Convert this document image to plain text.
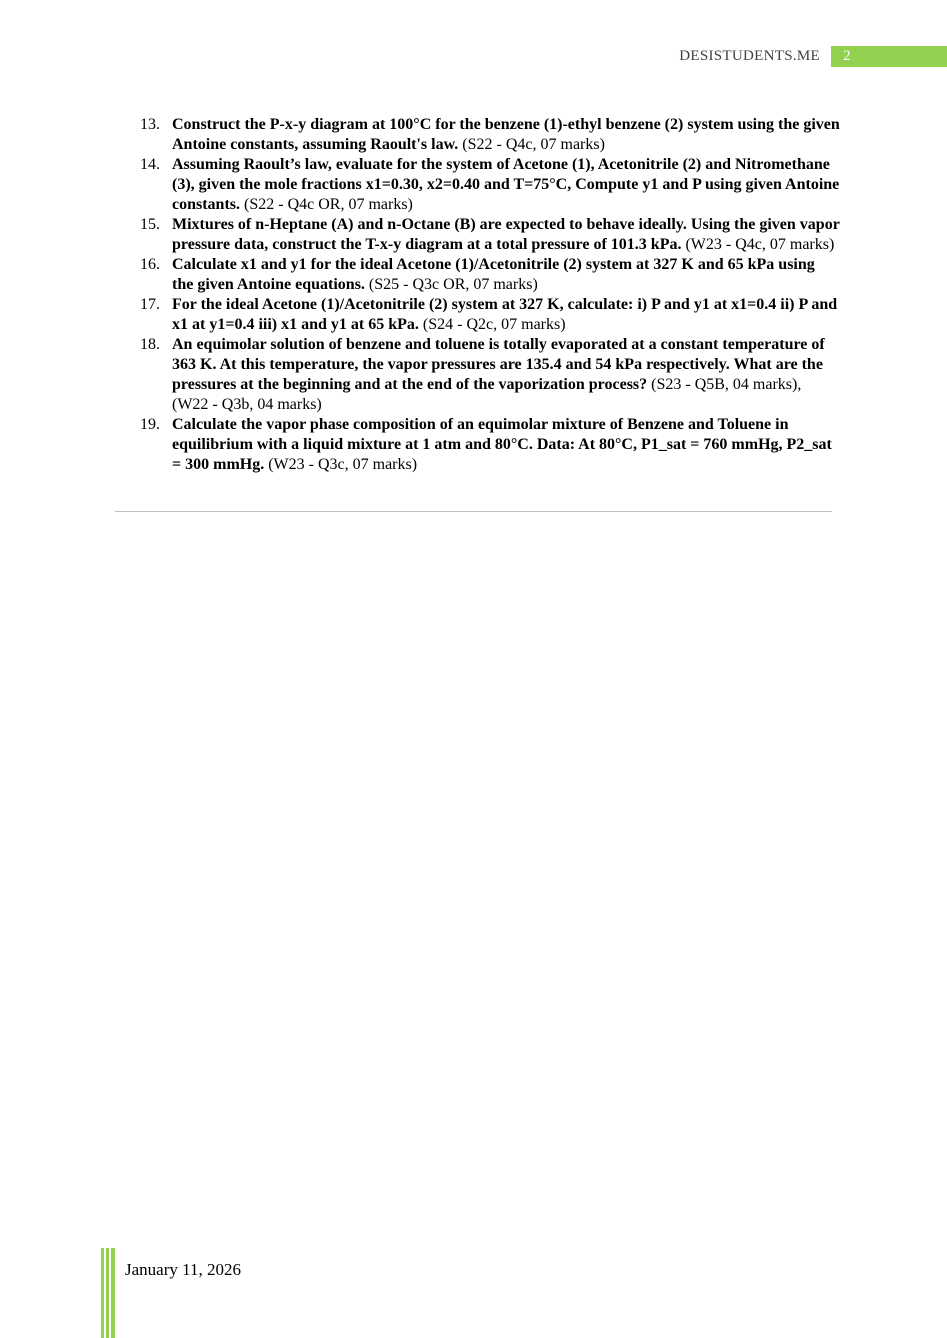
DESISTUDENTS.ME	2
13. Construct the P-x-y diagram at 100°C for the benzene (1)-ethyl benzene (2) system using the given Antoine constants, assuming Raoult's law. (S22 - Q4c, 07 marks)
14. Assuming Raoult’s law, evaluate for the system of Acetone (1), Acetonitrile (2) and Nitromethane (3), given the mole fractions x1=0.30, x2=0.40 and T=75°C, Compute y1 and P using given Antoine constants. (S22 - Q4c OR, 07 marks)
15. Mixtures of n-Heptane (A) and n-Octane (B) are expected to behave ideally. Using the given vapor pressure data, construct the T-x-y diagram at a total pressure of 101.3 kPa. (W23 - Q4c, 07 marks)
16. Calculate x1 and y1 for the ideal Acetone (1)/Acetonitrile (2) system at 327 K and 65 kPa using the given Antoine equations. (S25 - Q3c OR, 07 marks)
17. For the ideal Acetone (1)/Acetonitrile (2) system at 327 K, calculate: i) P and y1 at x1=0.4 ii) P and x1 at y1=0.4 iii) x1 and y1 at 65 kPa. (S24 - Q2c, 07 marks)
18. An equimolar solution of benzene and toluene is totally evaporated at a constant temperature of 363 K. At this temperature, the vapor pressures are 135.4 and 54 kPa respectively. What are the pressures at the beginning and at the end of the vaporization process? (S23 - Q5B, 04 marks), (W22 - Q3b, 04 marks)
19. Calculate the vapor phase composition of an equimolar mixture of Benzene and Toluene in equilibrium with a liquid mixture at 1 atm and 80°C. Data: At 80°C, P1_sat = 760 mmHg, P2_sat = 300 mmHg. (W23 - Q3c, 07 marks)
January 11, 2026
